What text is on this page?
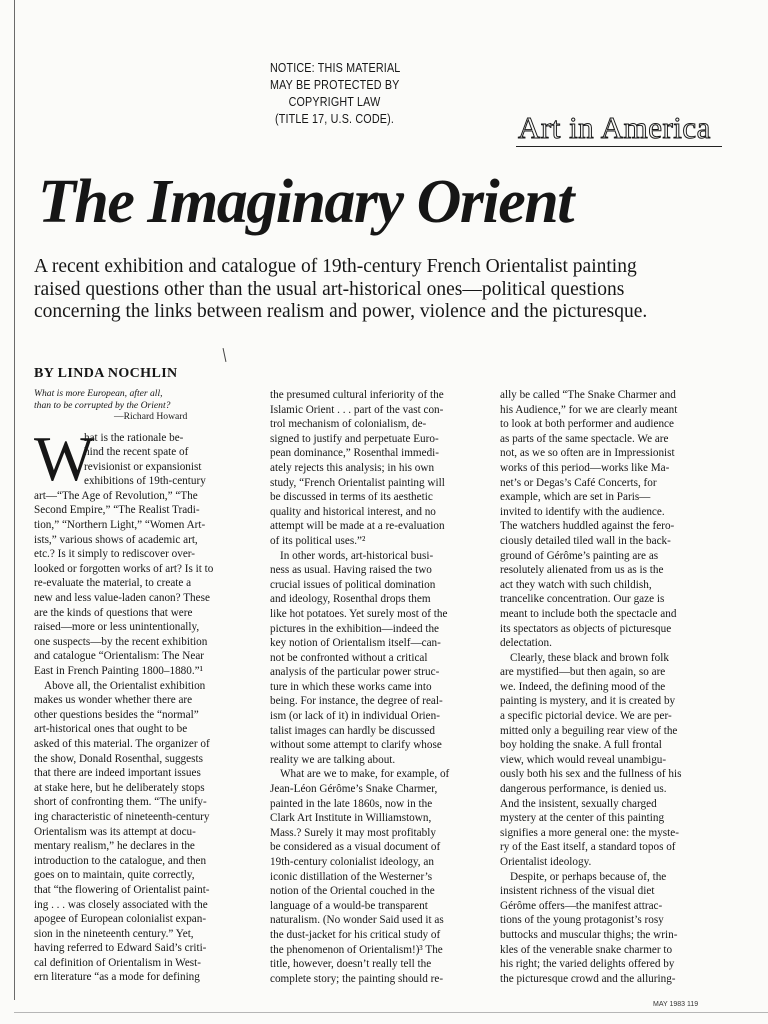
NOTICE: THIS MATERIAL
MAY BE PROTECTED BY
COPYRIGHT LAW
(TITLE 17, U.S. CODE).	Art in America
The Imaginary Orient
A recent exhibition and catalogue of 19th-century French Orientalist painting
raised questions other than the usual art-historical ones—political questions
concerning the links between realism and power, violence and the picturesque.
BY LINDA NOCHLIN
What is more European, after all,
than to be corrupted by the Orient?
—Richard Howard
W
hat is the rationale be-
hind the recent spate of
revisionist or expansionist
exhibitions of 19th-century
art—“The Age of Revolution,” “The
Second Empire,” “The Realist Tradi-
tion,” “Northern Light,” “Women Art-
ists,” various shows of academic art,
etc.? Is it simply to rediscover over-
looked or forgotten works of art? Is it to
re-evaluate the material, to create a
new and less value-laden canon? These
are the kinds of questions that were
raised—more or less unintentionally,
one suspects—by the recent exhibition
and catalogue “Orientalism: The Near
East in French Painting 1800–1880.”¹
Above all, the Orientalist exhibition
makes us wonder whether there are
other questions besides the “normal”
art-historical ones that ought to be
asked of this material. The organizer of
the show, Donald Rosenthal, suggests
that there are indeed important issues
at stake here, but he deliberately stops
short of confronting them. “The unify-
ing characteristic of nineteenth-century
Orientalism was its attempt at docu-
mentary realism,” he declares in the
introduction to the catalogue, and then
goes on to maintain, quite correctly,
that “the flowering of Orientalist paint-
ing . . . was closely associated with the
apogee of European colonialist expan-
sion in the nineteenth century.” Yet,
having referred to Edward Said’s criti-
cal definition of Orientalism in West-
ern literature “as a mode for defining
the presumed cultural inferiority of the
Islamic Orient . . . part of the vast con-
trol mechanism of colonialism, de-
signed to justify and perpetuate Euro-
pean dominance,” Rosenthal immedi-
ately rejects this analysis; in his own
study, “French Orientalist painting will
be discussed in terms of its aesthetic
quality and historical interest, and no
attempt will be made at a re-evaluation
of its political uses.”²
In other words, art-historical busi-
ness as usual. Having raised the two
crucial issues of political domination
and ideology, Rosenthal drops them
like hot potatoes. Yet surely most of the
pictures in the exhibition—indeed the
key notion of Orientalism itself—can-
not be confronted without a critical
analysis of the particular power struc-
ture in which these works came into
being. For instance, the degree of real-
ism (or lack of it) in individual Orien-
talist images can hardly be discussed
without some attempt to clarify whose
reality we are talking about.
What are we to make, for example, of
Jean-Léon Gérôme’s Snake Charmer,
painted in the late 1860s, now in the
Clark Art Institute in Williamstown,
Mass.? Surely it may most profitably
be considered as a visual document of
19th-century colonialist ideology, an
iconic distillation of the Westerner’s
notion of the Oriental couched in the
language of a would-be transparent
naturalism. (No wonder Said used it as
the dust-jacket for his critical study of
the phenomenon of Orientalism!)³ The
title, however, doesn’t really tell the
complete story; the painting should re-
ally be called “The Snake Charmer and
his Audience,” for we are clearly meant
to look at both performer and audience
as parts of the same spectacle. We are
not, as we so often are in Impressionist
works of this period—works like Ma-
net’s or Degas’s Café Concerts, for
example, which are set in Paris—
invited to identify with the audience.
The watchers huddled against the fero-
ciously detailed tiled wall in the back-
ground of Gérôme’s painting are as
resolutely alienated from us as is the
act they watch with such childish,
trancelike concentration. Our gaze is
meant to include both the spectacle and
its spectators as objects of picturesque
delectation.
Clearly, these black and brown folk
are mystified—but then again, so are
we. Indeed, the defining mood of the
painting is mystery, and it is created by
a specific pictorial device. We are per-
mitted only a beguiling rear view of the
boy holding the snake. A full frontal
view, which would reveal unambigu-
ously both his sex and the fullness of his
dangerous performance, is denied us.
And the insistent, sexually charged
mystery at the center of this painting
signifies a more general one: the myste-
ry of the East itself, a standard topos of
Orientalist ideology.
Despite, or perhaps because of, the
insistent richness of the visual diet
Gérôme offers—the manifest attrac-
tions of the young protagonist’s rosy
buttocks and muscular thighs; the wrin-
kles of the venerable snake charmer to
his right; the varied delights offered by
the picturesque crowd and the alluring-
MAY 1983 119
